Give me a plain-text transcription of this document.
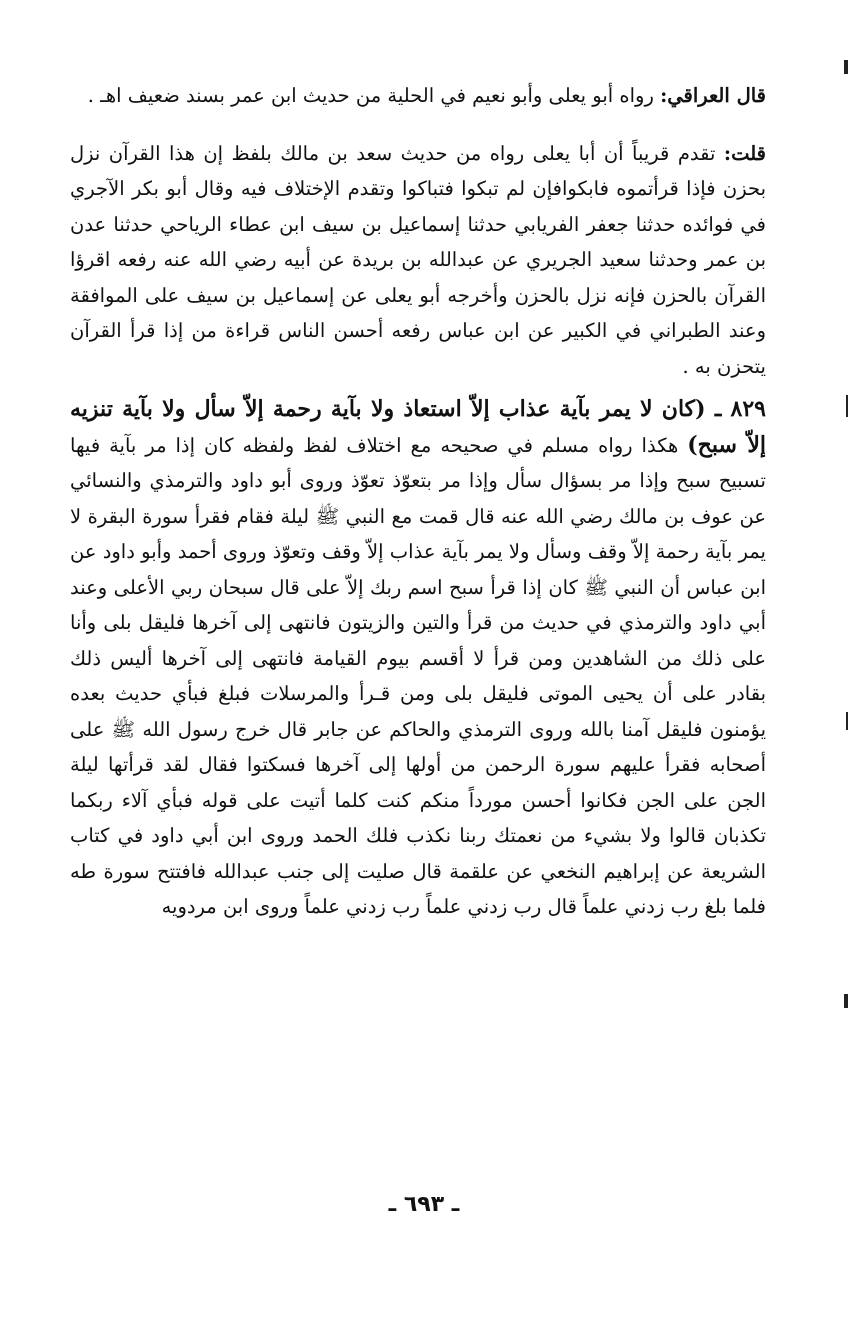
قال العراقي: رواه أبو يعلى وأبو نعيم في الحلية من حديث ابن عمر بسند ضعيف اهـ .

قلت: تقدم قريباً أن أبا يعلى رواه من حديث سعد بن مالك بلفظ إن هذا القرآن نزل بحزن فإذا قرأتموه فابكوافإن لم تبكوا فتباكوا وتقدم الإختلاف فيه وقال أبو بكر الآجري في فوائده حدثنا جعفر الفريابي حدثنا إسماعيل بن سيف ابن عطاء الرياحي حدثنا عدن بن عمر وحدثنا سعيد الجريري عن عبدالله بن بريدة عن أبيه رضي الله عنه رفعه اقرؤا القرآن بالحزن فإنه نزل بالحزن وأخرجه أبو يعلى عن إسماعيل بن سيف على الموافقة وعند الطبراني في الكبير عن ابن عباس رفعه أحسن الناس قراءة من إذا قرأ القرآن يتحزن به .

٨٢٩ ـ (كان لا يمر بآية عذاب إلاّ استعاذ ولا بآية رحمة إلاّ سأل ولا بآية تنزيه إلاّ سبح) هكذا رواه مسلم في صحيحه مع اختلاف لفظ ولفظه كان إذا مر بآية فيها تسبيح سبح وإذا مر بسؤال سأل وإذا مر بتعوّذ تعوّذ وروى أبو داود والترمذي والنسائي عن عوف بن مالك رضي الله عنه قال قمت مع النبي ﷺ ليلة فقام فقرأ سورة البقرة لا يمر بآية رحمة إلاّ وقف وسأل ولا يمر بآية عذاب إلاّ وقف وتعوّذ وروى أحمد وأبو داود عن ابن عباس أن النبي ﷺ كان إذا قرأ سبح اسم ربك إلاّ على قال سبحان ربي الأعلى وعند أبي داود والترمذي في حديث من قرأ والتين والزيتون فانتهى إلى آخرها فليقل بلى وأنا على ذلك من الشاهدين ومن قرأ لا أقسم بيوم القيامة فانتهى إلى آخرها أليس ذلك بقادر على أن يحيى الموتى فليقل بلى ومن قـرأ والمرسلات فبلغ فبأي حديث بعده يؤمنون فليقل آمنا بالله وروى الترمذي والحاكم عن جابر قال خرج رسول الله ﷺ على أصحابه فقرأ عليهم سورة الرحمن من أولها إلى آخرها فسكتوا فقال لقد قرأتها ليلة الجن على الجن فكانوا أحسن مورداً منكم كنت كلما أتيت على قوله فبأي آلاء ربكما تكذبان قالوا ولا بشيء من نعمتك ربنا نكذب فلك الحمد وروى ابن أبي داود في كتاب الشريعة عن إبراهيم النخعي عن علقمة قال صليت إلى جنب عبدالله فافتتح سورة طه فلما بلغ رب زدني علماً قال رب زدني علماً رب زدني علماً وروى ابن مردويه

ـ ٦٩٣ ـ
